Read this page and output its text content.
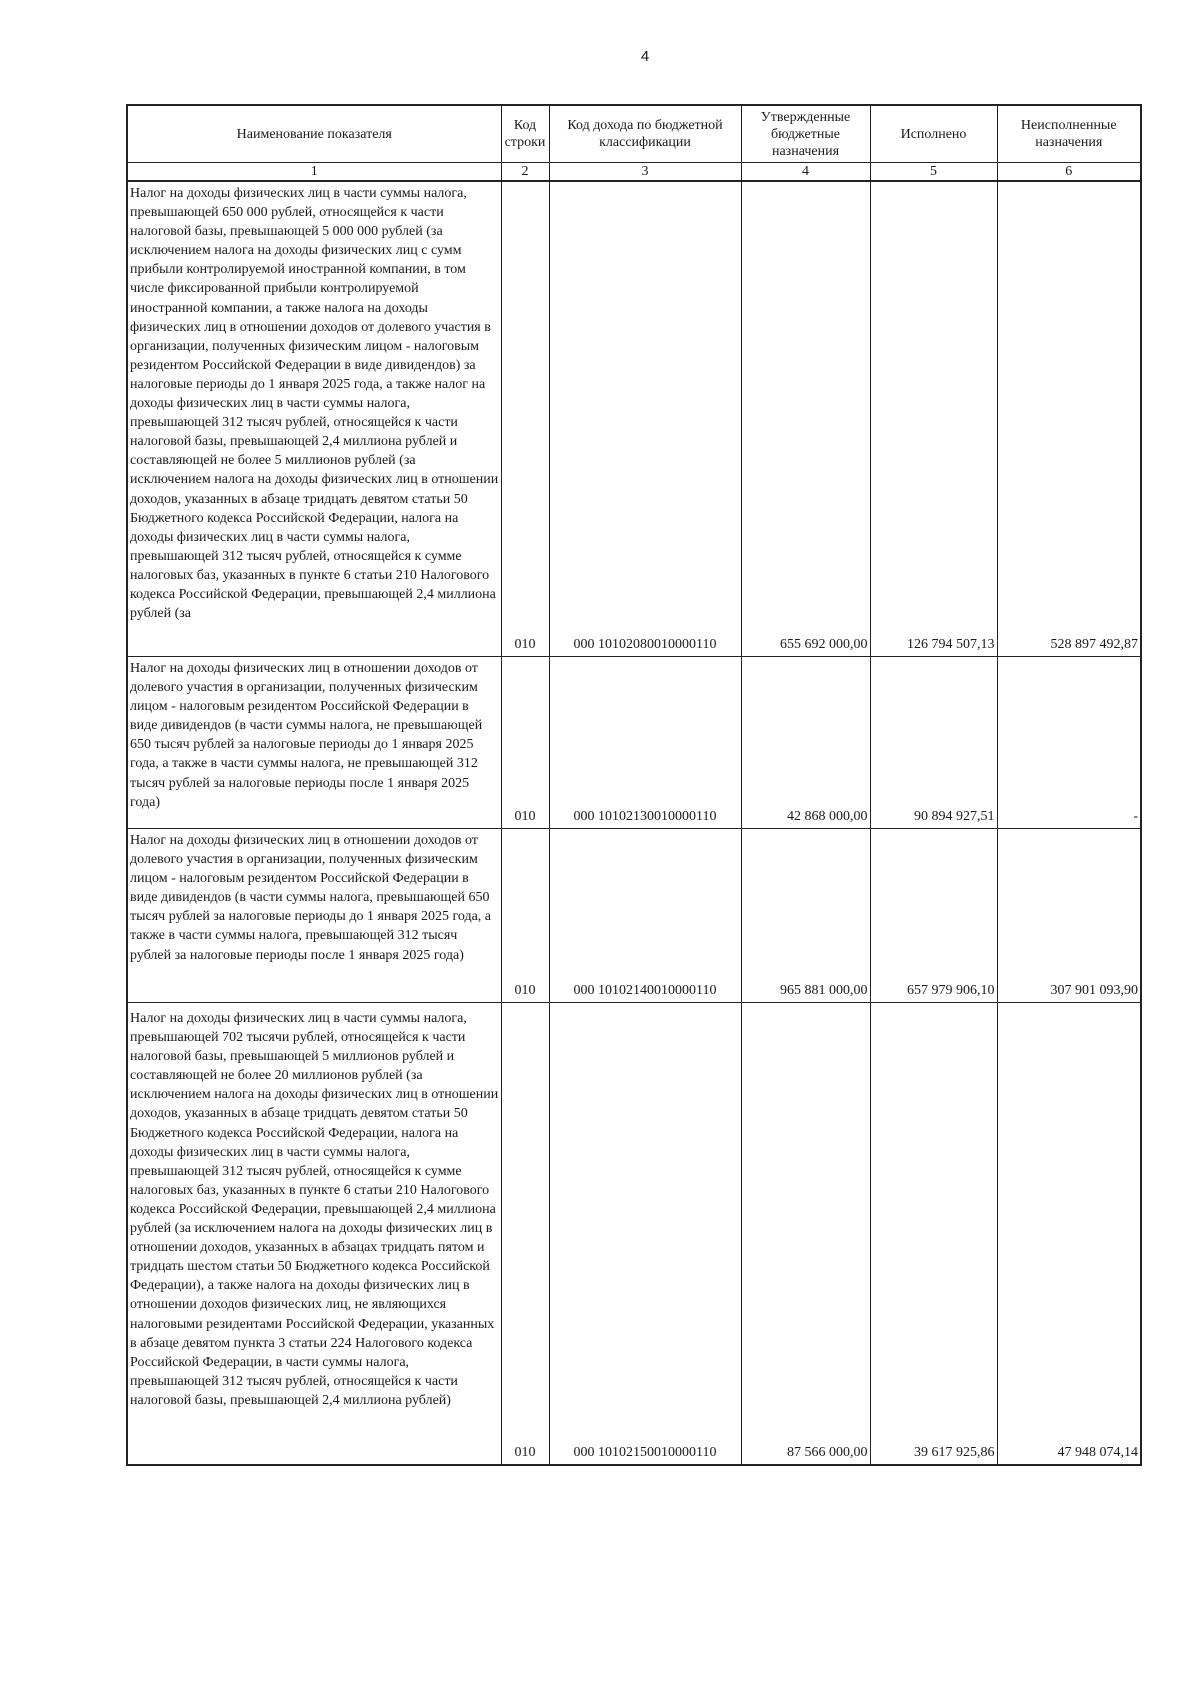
4
Наименование показателя	Код строки	Код дохода по бюджетной классификации	Утвержденные бюджетные назначения	Исполнено	Неисполненные назначения
1	2	3	4	5	6

Налог на доходы физических лиц в части суммы налога, превышающей 650 000 рублей, относящейся к части налоговой базы, превышающей 5 000 000 рублей (за исключением налога на доходы физических лиц с сумм прибыли контролируемой иностранной компании, в том числе фиксированной прибыли контролируемой иностранной компании, а также налога на доходы физических лиц в отношении доходов от долевого участия в организации, полученных физическим лицом - налоговым резидентом Российской Федерации в виде дивидендов) за налоговые периоды до 1 января 2025 года, а также налог на доходы физических лиц в части суммы налога, превышающей 312 тысяч рублей, относящейся к части налоговой базы, превышающей 2,4 миллиона рублей и составляющей не более 5 миллионов рублей (за исключением налога на доходы физических лиц в отношении доходов, указанных в абзаце тридцать девятом статьи 50 Бюджетного кодекса Российской Федерации, налога на доходы физических лиц в части суммы налога, превышающей 312 тысяч рублей, относящейся к сумме налоговых баз, указанных в пункте 6 статьи 210 Налогового кодекса Российской Федерации, превышающей 2,4 миллиона рублей (за	010	000 10102080010000110	655 692 000,00	126 794 507,13	528 897 492,87

Налог на доходы физических лиц в отношении доходов от долевого участия в организации, полученных физическим лицом - налоговым резидентом Российской Федерации в виде дивидендов (в части суммы налога, не превышающей 650 тысяч рублей за налоговые периоды до 1 января 2025 года, а также в части суммы налога, не превышающей 312 тысяч рублей за налоговые периоды после 1 января 2025 года)	010	000 10102130010000110	42 868 000,00	90 894 927,51	-

Налог на доходы физических лиц в отношении доходов от долевого участия в организации, полученных физическим лицом - налоговым резидентом Российской Федерации в виде дивидендов (в части суммы налога, превышающей 650 тысяч рублей за налоговые периоды до 1 января 2025 года, а также в части суммы налога, превышающей 312 тысяч рублей за налоговые периоды после 1 января 2025 года)	010	000 10102140010000110	965 881 000,00	657 979 906,10	307 901 093,90

Налог на доходы физических лиц в части суммы налога, превышающей 702 тысячи рублей, относящейся к части налоговой базы, превышающей 5 миллионов рублей и составляющей не более 20 миллионов рублей (за исключением налога на доходы физических лиц в отношении доходов, указанных в абзаце тридцать девятом статьи 50 Бюджетного кодекса Российской Федерации, налога на доходы физических лиц в части суммы налога, превышающей 312 тысяч рублей, относящейся к сумме налоговых баз, указанных в пункте 6 статьи 210 Налогового кодекса Российской Федерации, превышающей 2,4 миллиона рублей (за исключением налога на доходы физических лиц в отношении доходов, указанных в абзацах тридцать пятом и тридцать шестом статьи 50 Бюджетного кодекса Российской Федерации), а также налога на доходы физических лиц в отношении доходов физических лиц, не являющихся налоговыми резидентами Российской Федерации, указанных в абзаце девятом пункта 3 статьи 224 Налогового кодекса Российской Федерации, в части суммы налога, превышающей 312 тысяч рублей, относящейся к части налоговой базы, превышающей 2,4 миллиона рублей)	010	000 10102150010000110	87 566 000,00	39 617 925,86	47 948 074,14
